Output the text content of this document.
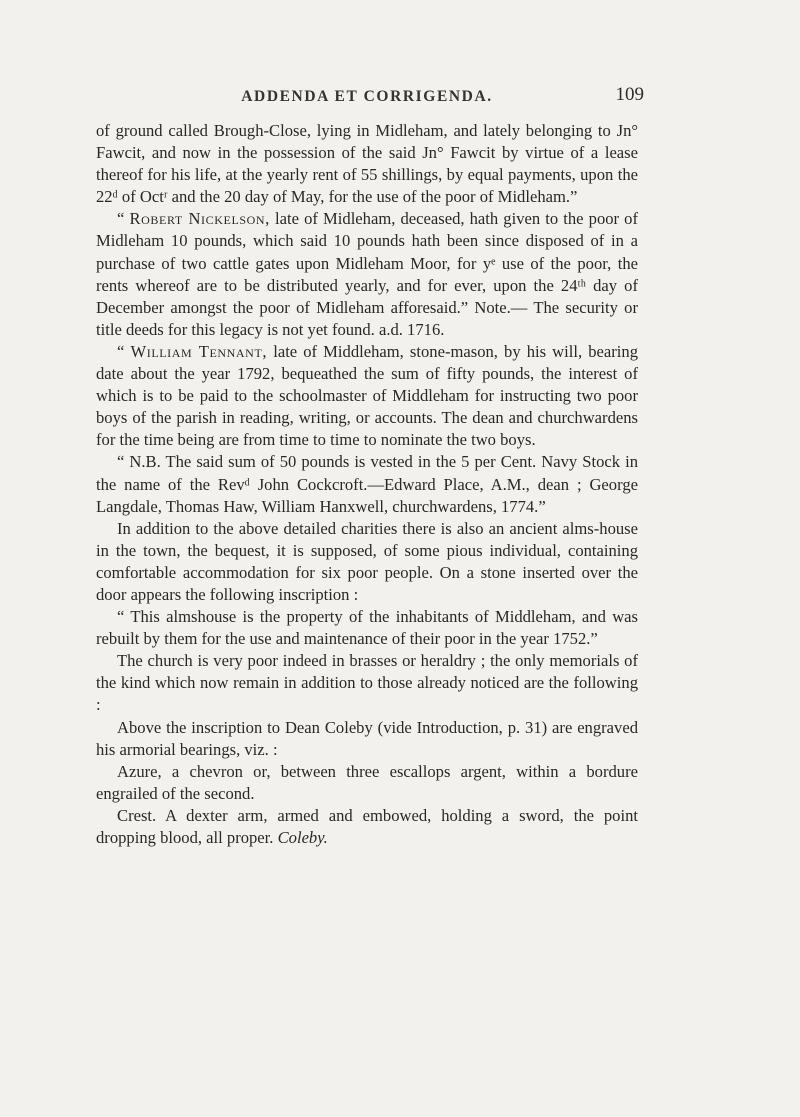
ADDENDA ET CORRIGENDA.	109

of ground called Brough-Close, lying in Midleham, and lately belonging to Jn° Fawcit, and now in the possession of the said Jn° Fawcit by virtue of a lease thereof for his life, at the yearly rent of 55 shillings, by equal payments, upon the 22ᵈ of Octʳ and the 20 day of May, for the use of the poor of Midleham.”

“ Robert Nickelson, late of Midleham, deceased, hath given to the poor of Midleham 10 pounds, which said 10 pounds hath been since disposed of in a purchase of two cattle gates upon Midleham Moor, for yᵉ use of the poor, the rents whereof are to be distributed yearly, and for ever, upon the 24ᵗʰ day of December amongst the poor of Midleham afforesaid.” Note.— The security or title deeds for this legacy is not yet found. a.d. 1716.

“ William Tennant, late of Middleham, stone-mason, by his will, bearing date about the year 1792, bequeathed the sum of fifty pounds, the interest of which is to be paid to the schoolmaster of Middleham for instructing two poor boys of the parish in reading, writing, or accounts. The dean and churchwardens for the time being are from time to time to nominate the two boys.

“ N.B. The said sum of 50 pounds is vested in the 5 per Cent. Navy Stock in the name of the Revᵈ John Cockcroft.—Edward Place, A.M., dean ; George Langdale, Thomas Haw, William Hanxwell, churchwardens, 1774.”

In addition to the above detailed charities there is also an ancient alms-house in the town, the bequest, it is supposed, of some pious individual, containing comfortable accommodation for six poor people. On a stone inserted over the door appears the following inscription :

“ This almshouse is the property of the inhabitants of Middleham, and was rebuilt by them for the use and maintenance of their poor in the year 1752.”

The church is very poor indeed in brasses or heraldry ; the only memorials of the kind which now remain in addition to those already noticed are the following :

Above the inscription to Dean Coleby (vide Introduction, p. 31) are engraved his armorial bearings, viz. :

Azure, a chevron or, between three escallops argent, within a bordure engrailed of the second.

Crest. A dexter arm, armed and embowed, holding a sword, the point dropping blood, all proper. Coleby.
